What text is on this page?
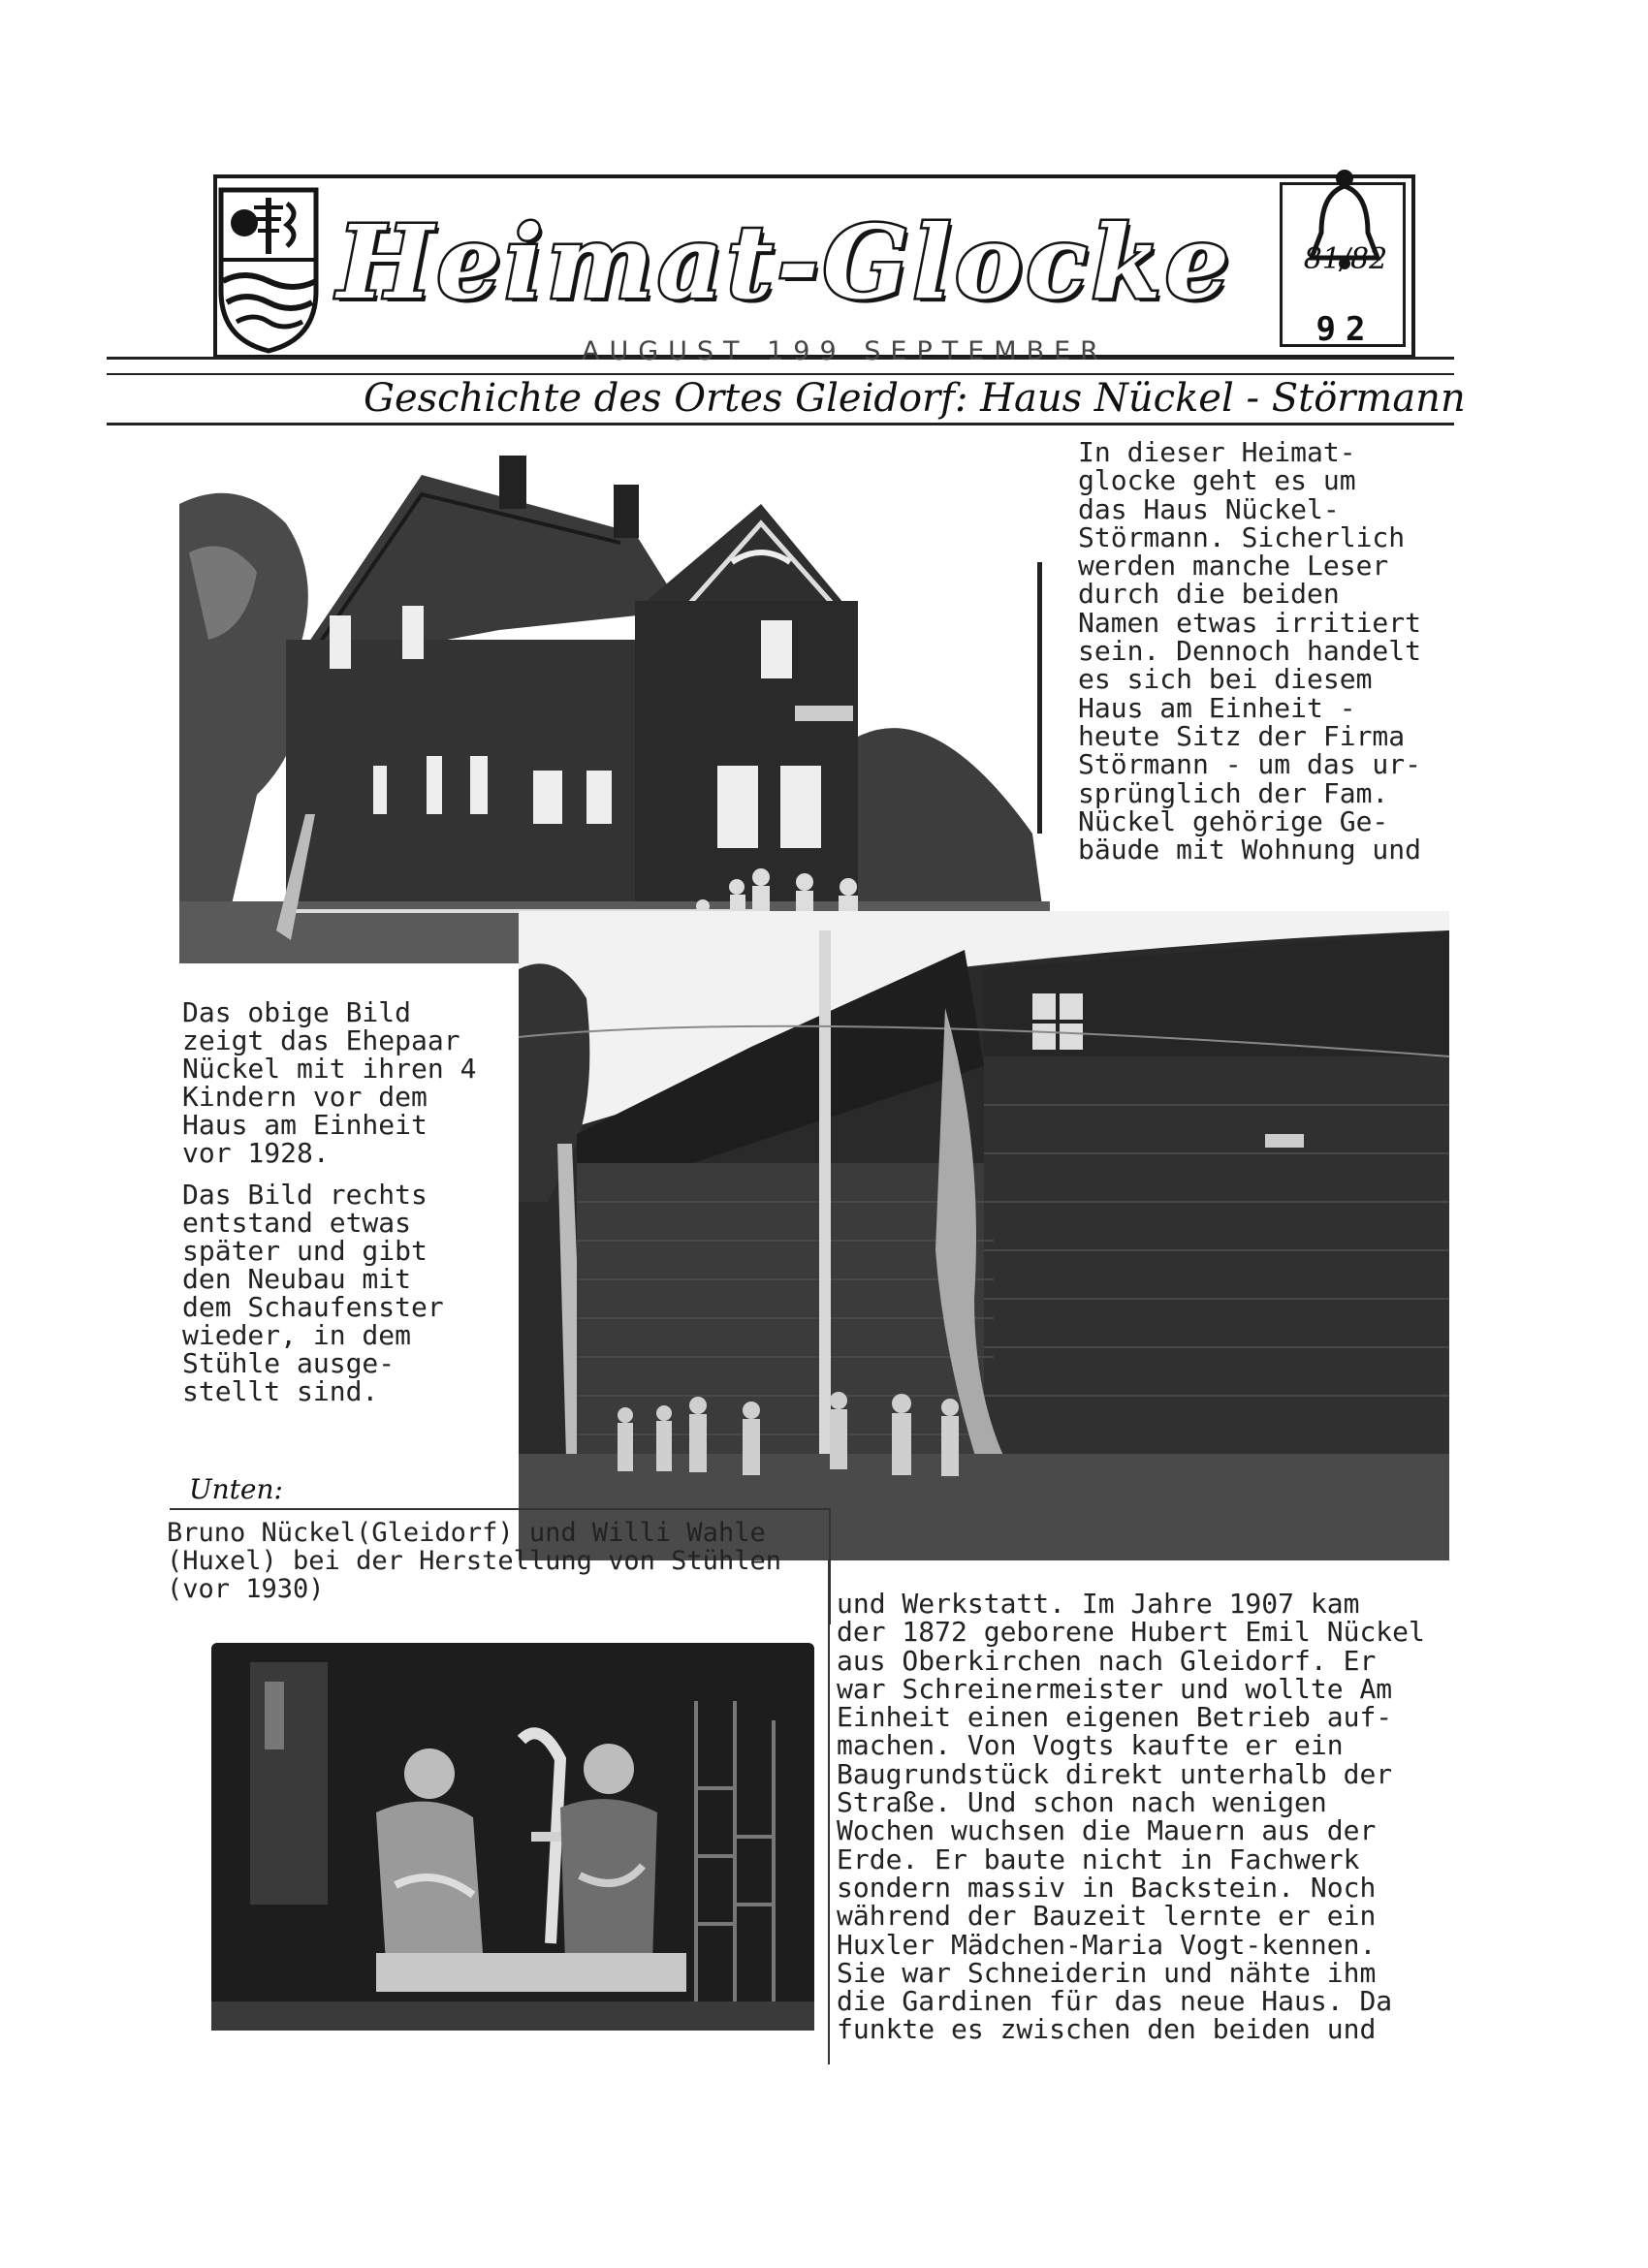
Heimat-Glocke	81/82
92
AUGUST 199 SEPTEMBER
Geschichte des Ortes Gleidorf: Haus Nückel - Störmann
In dieser Heimat-
glocke geht es um
das Haus Nückel-
Störmann. Sicherlich
werden manche Leser
durch die beiden
Namen etwas irritiert
sein. Dennoch handelt
es sich bei diesem
Haus am Einheit -
heute Sitz der Firma
Störmann - um das ur-
sprünglich der Fam.
Nückel gehörige Ge-
bäude mit Wohnung und
Das obige Bild
zeigt das Ehepaar
Nückel mit ihren 4
Kindern vor dem
Haus am Einheit
vor 1928.
Das Bild rechts
entstand etwas
später und gibt
den Neubau mit
dem Schaufenster
wieder, in dem
Stühle ausge-
stellt sind.
Unten:
Bruno Nückel(Gleidorf) und Willi Wahle
(Huxel) bei der Herstellung von Stühlen
(vor 1930)	und Werkstatt. Im Jahre 1907 kam
der 1872 geborene Hubert Emil Nückel
aus Oberkirchen nach Gleidorf. Er
war Schreinermeister und wollte Am
Einheit einen eigenen Betrieb auf-
machen. Von Vogts kaufte er ein
Baugrundstück direkt unterhalb der
Straße. Und schon nach wenigen
Wochen wuchsen die Mauern aus der
Erde. Er baute nicht in Fachwerk
sondern massiv in Backstein. Noch
während der Bauzeit lernte er ein
Huxler Mädchen-Maria Vogt-kennen.
Sie war Schneiderin und nähte ihm
die Gardinen für das neue Haus. Da
funkte es zwischen den beiden und
